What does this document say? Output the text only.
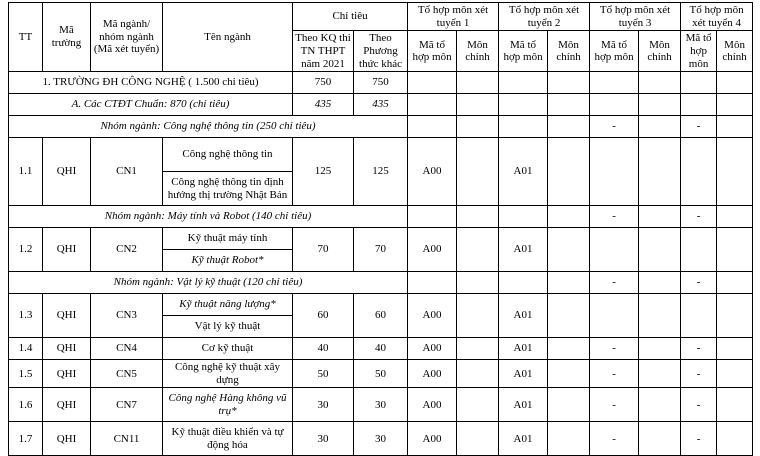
TT	Mã trường	Mã ngành/ nhóm ngành (Mã xét tuyển)	Tên ngành	Chỉ tiêu		Tổ hợp môn xét tuyển 1		Tổ hợp môn xét tuyển 2		Tổ hợp môn xét tuyển 3		Tổ hợp môn xét tuyển 4	
				Theo KQ thi TN THPT năm 2021	Theo Phương thức khác	Mã tổ hợp môn	Môn chính	Mã tổ hợp môn	Môn chính	Mã tổ hợp môn	Môn chính	Mã tổ hợp môn	Môn chính
1. TRƯỜNG ĐH CÔNG NGHỆ ( 1.500 chỉ tiêu)				750	750								
A. Các CTĐT Chuẩn: 870 (chỉ tiêu)				435	435								
Nhóm ngành: Công nghệ thông tin (250 chỉ tiêu)										-		-	
1.1	QHI	CN1	Công nghệ thông tin	125	125	A00		A01					
			Công nghệ thông tin định hướng thị trường Nhật Bản										
Nhóm ngành: Máy tính và Robot (140 chỉ tiêu)										-		-	
1.2	QHI	CN2	Kỹ thuật máy tính	70	70	A00		A01					
			Kỹ thuật Robot*										
Nhóm ngành: Vật lý kỹ thuật (120 chỉ tiêu)										-		-	
1.3	QHI	CN3	Kỹ thuật năng lượng*	60	60	A00		A01					
			Vật lý kỹ thuật										
1.4	QHI	CN4	Cơ kỹ thuật	40	40	A00		A01		-		-	
1.5	QHI	CN5	Công nghệ kỹ thuật xây dựng	50	50	A00		A01		-		-	
1.6	QHI	CN7	Công nghệ Hàng không vũ trụ*	30	30	A00		A01		-		-	
1.7	QHI	CN11	Kỹ thuật điều khiển và tự động hóa	30	30	A00		A01		-		-	
